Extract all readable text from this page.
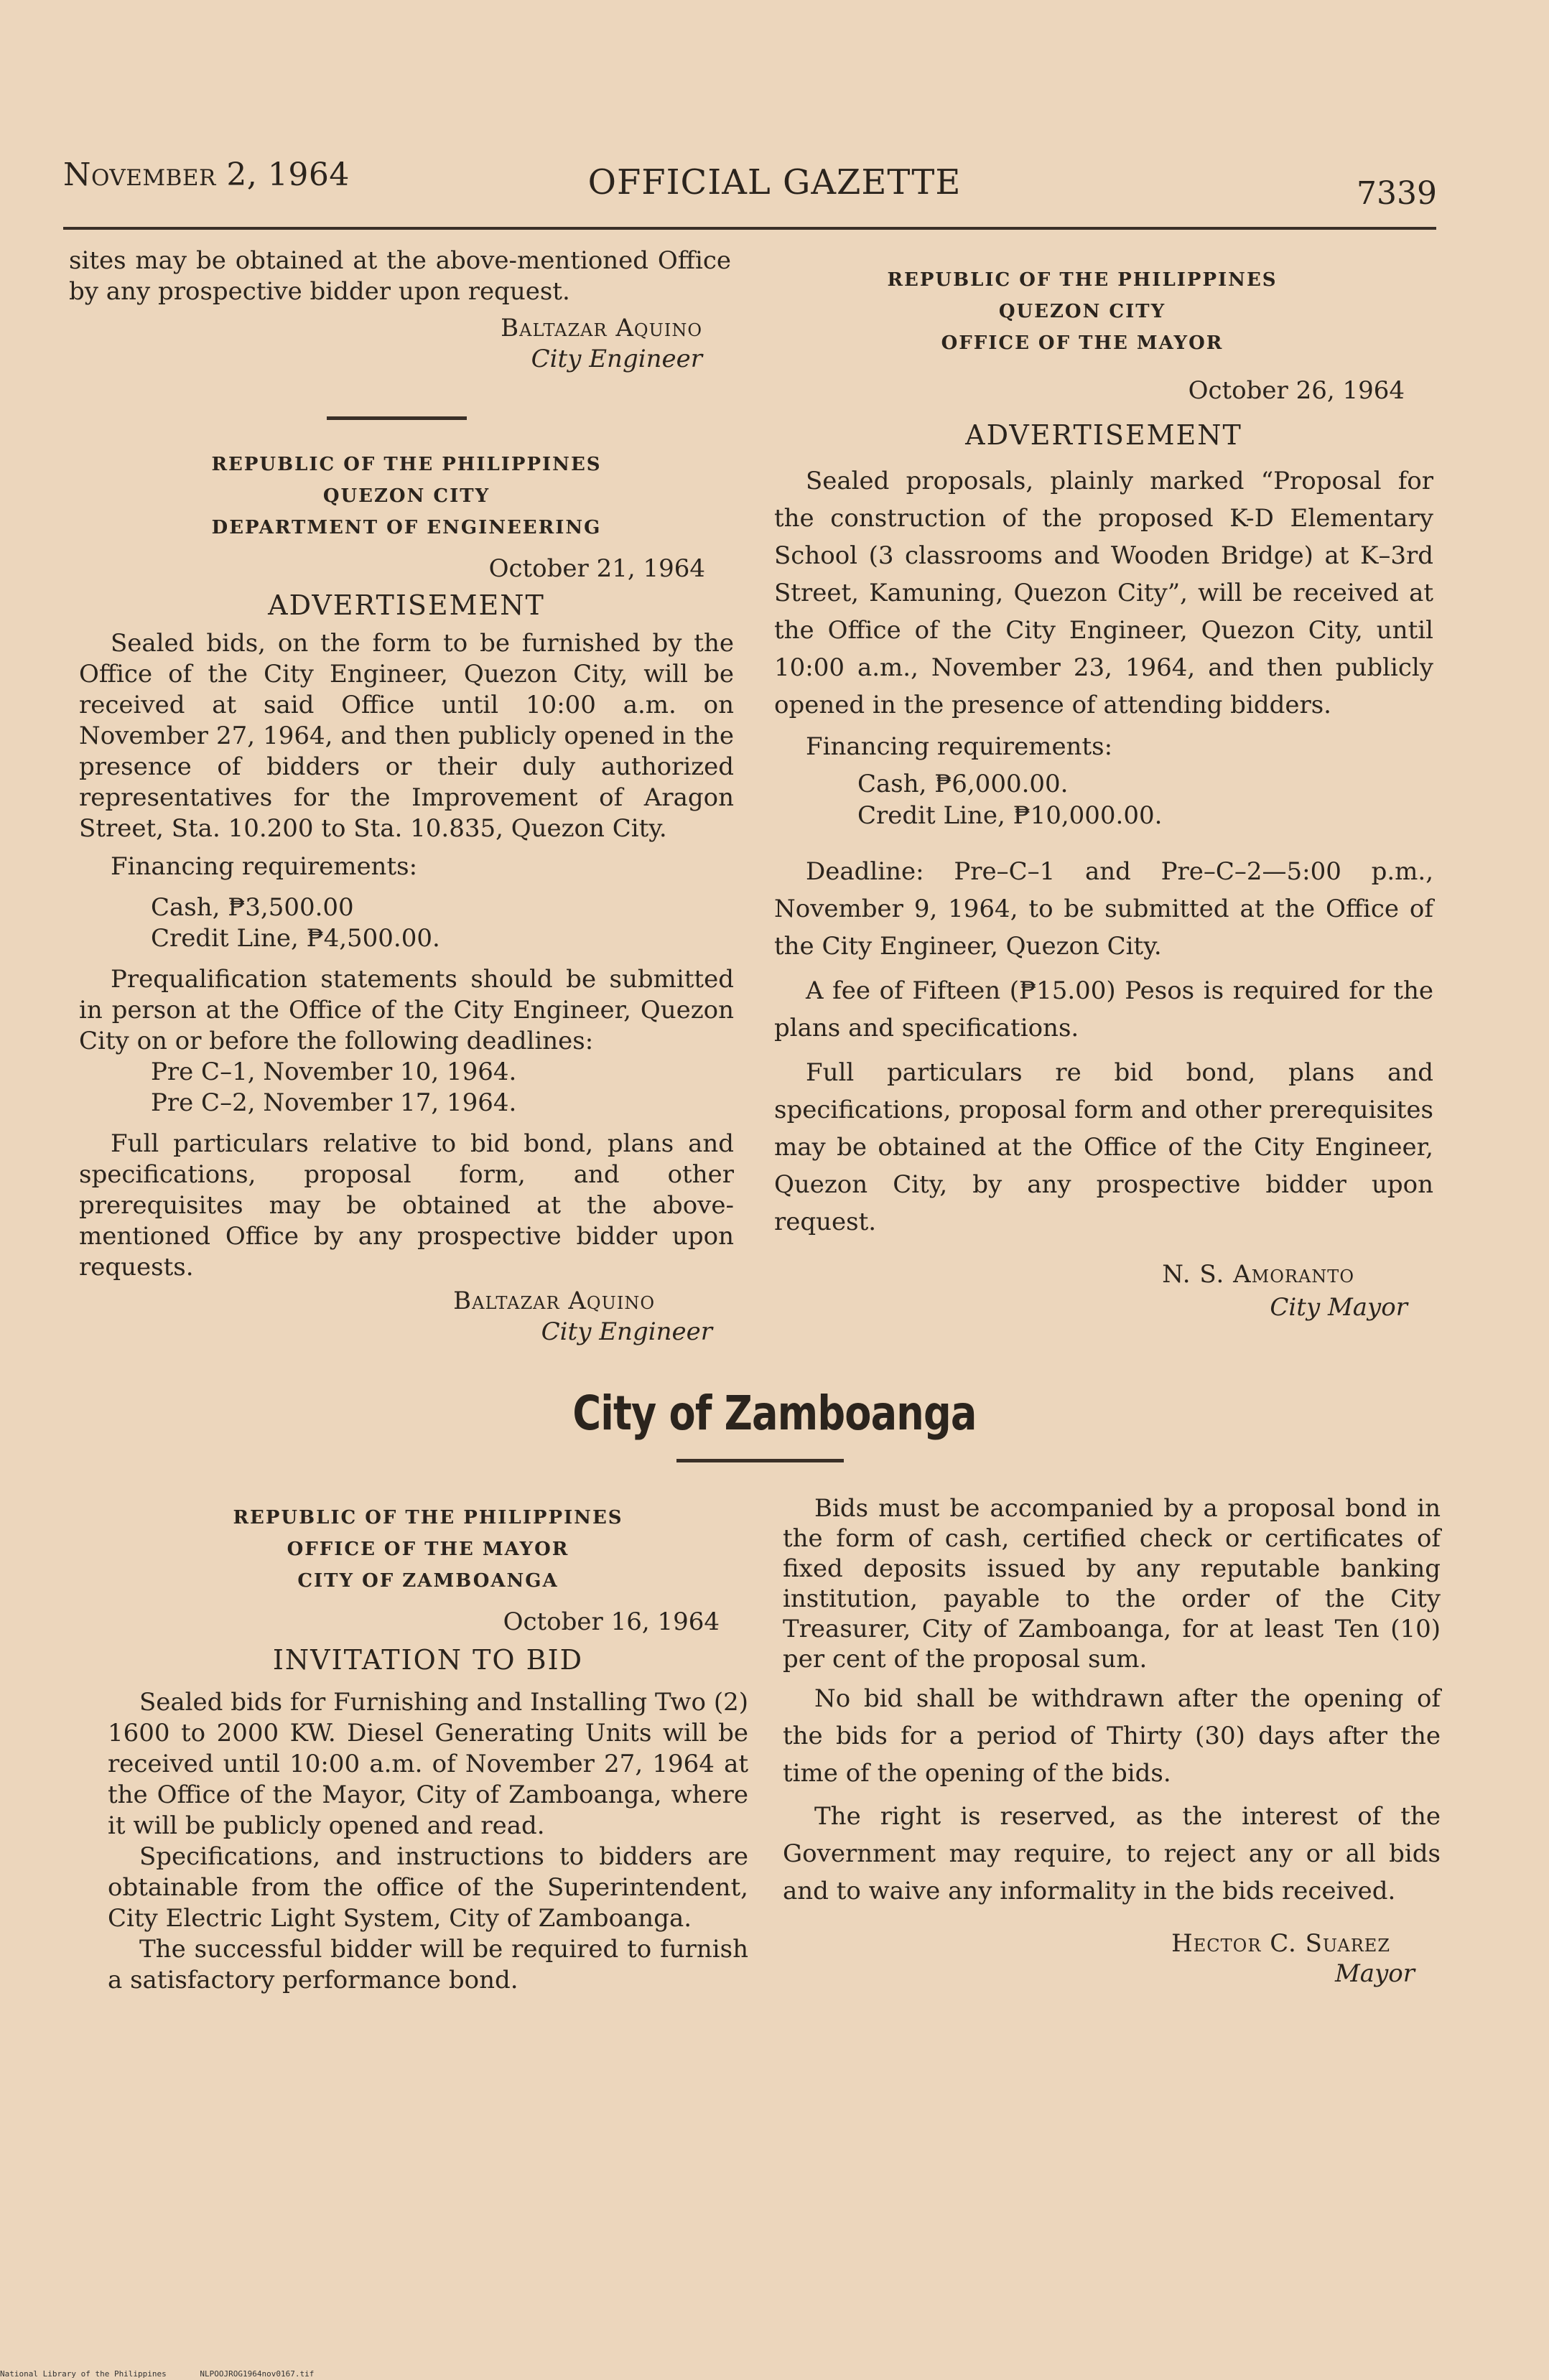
November 2, 1964	OFFICIAL GAZETTE	7339

sites may be obtained at the above-mentioned Office by any prospective bidder upon request.

Baltazar Aquino
City Engineer
REPUBLIC OF THE PHILIPPINES
QUEZON CITY
DEPARTMENT OF ENGINEERING
October 21, 1964
ADVERTISEMENT

Sealed bids, on the form to be furnished by the Office of the City Engineer, Quezon City, will be received at said Office until 10:00 a.m. on November 27, 1964, and then publicly opened in the presence of bidders or their duly authorized representatives for the Improvement of Aragon Street, Sta. 10.200 to Sta. 10.835, Quezon City.

Financing requirements:
Cash, ₱3,500.00
Credit Line, ₱4,500.00.

Prequalification statements should be submitted in person at the Office of the City Engineer, Quezon City on or before the following deadlines:

Pre C–1, November 10, 1964.
Pre C–2, November 17, 1964.

Full particulars relative to bid bond, plans and specifications, proposal form, and other prerequisites may be obtained at the above-mentioned Office by any prospective bidder upon requests.

Baltazar Aquino
City Engineer
REPUBLIC OF THE PHILIPPINES
QUEZON CITY
OFFICE OF THE MAYOR
October 26, 1964
ADVERTISEMENT

Sealed proposals, plainly marked “Proposal for the construction of the proposed K-D Elementary School (3 classrooms and Wooden Bridge) at K–3rd Street, Kamuning, Quezon City”, will be received at the Office of the City Engineer, Quezon City, until 10:00 a.m., November 23, 1964, and then publicly opened in the presence of attending bidders.

Financing requirements:
Cash, ₱6,000.00.
Credit Line, ₱10,000.00.

Deadline: Pre–C–1 and Pre–C–2—5:00 p.m., November 9, 1964, to be submitted at the Office of the City Engineer, Quezon City.

A fee of Fifteen (₱15.00) Pesos is required for the plans and specifications.

Full particulars re bid bond, plans and specifications, proposal form and other prerequisites may be obtained at the Office of the City Engineer, Quezon City, by any prospective bidder upon request.

N. S. Amoranto
City Mayor
City of Zamboanga
REPUBLIC OF THE PHILIPPINES
OFFICE OF THE MAYOR
CITY OF ZAMBOANGA
October 16, 1964
INVITATION TO BID

Sealed bids for Furnishing and Installing Two (2) 1600 to 2000 KW. Diesel Generating Units will be received until 10:00 a.m. of November 27, 1964 at the Office of the Mayor, City of Zamboanga, where it will be publicly opened and read.

Specifications, and instructions to bidders are obtainable from the office of the Superintendent, City Electric Light System, City of Zamboanga.

The successful bidder will be required to furnish a satisfactory performance bond.

Bids must be accompanied by a proposal bond in the form of cash, certified check or certificates of fixed deposits issued by any reputable banking institution, payable to the order of the City Treasurer, City of Zamboanga, for at least Ten (10) per cent of the proposal sum.

No bid shall be withdrawn after the opening of the bids for a period of Thirty (30) days after the time of the opening of the bids.

The right is reserved, as the interest of the Government may require, to reject any or all bids and to waive any informality in the bids received.

Hector C. Suarez
Mayor
National Library of the Philippines	NLPOOJROG1964nov0167.tif
